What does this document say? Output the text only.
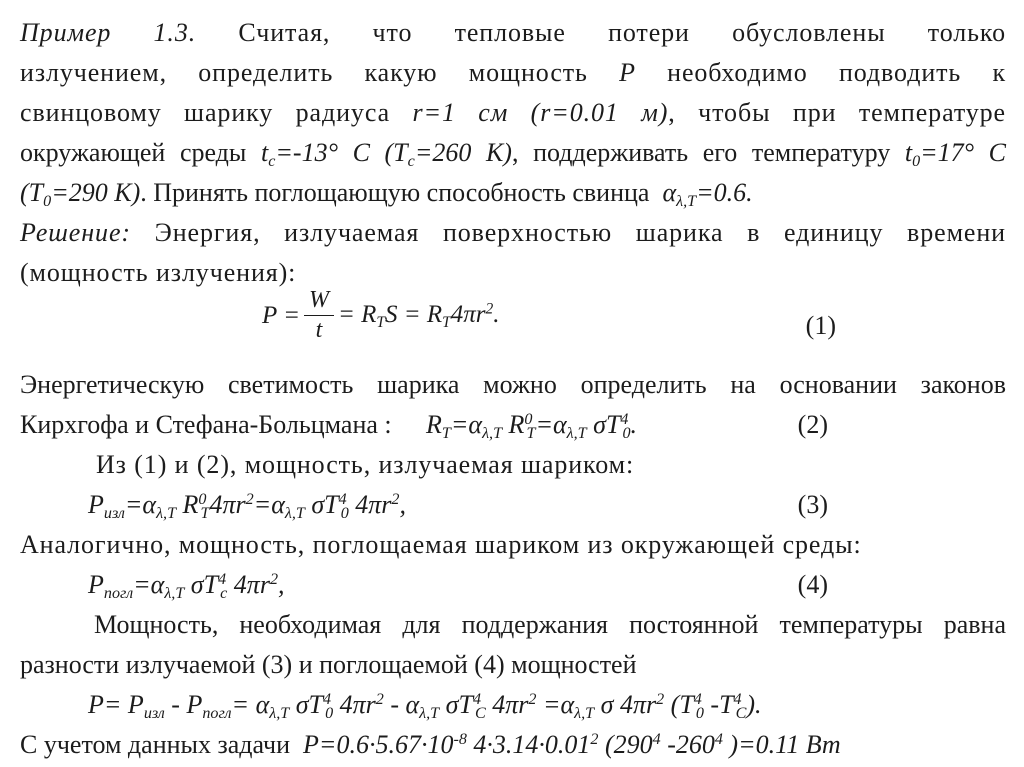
Пример 1.3. Считая, что тепловые потери обусловлены только
излучением, определить какую мощность P необходимо подводить к
свинцовому шарику радиуса r=1 см (r=0.01 м), чтобы при температуре
окружающей среды $t_c=-13^\circ$ C ($T_c=260$ K), поддерживать его температуру $t_0=17^\circ$ C
($T_0=290$ K). Принять поглощающую способность свинца $\alpha_{\lambda,T}=0.6$.
Решение: Энергия, излучаемая поверхностью шарика в единицу времени
(мощность излучения):
$P = \frac{W}{t} = R_TS = R_T4\pi r^2$.	(1)
Энергетическую светимость шарика можно определить на основании законов
Кирхгофа и Стефана-Больцмана : $R_T=\alpha_{\lambda,T}$ $R^0_T=\alpha_{\lambda,T}$ $\sigma T^4_0$.	(2)
Из (1) и (2), мощность, излучаемая шариком:
$P_{изл}=\alpha_{\lambda,T}$ $R^0_T4\pi r^2=\alpha_{\lambda,T}$ $\sigma T^4_0$ $4\pi r^2$,	(3)
Аналогично, мощность, поглощаемая шариком из окружающей среды:
$P_{погл}=\alpha_{\lambda,T}$ $\sigma T^4_c$ $4\pi r^2$,	(4)
Мощность, необходимая для поддержания постоянной температуры равна
разности излучаемой (3) и поглощаемой (4) мощностей
$P= P_{изл} - P_{погл}= \alpha_{\lambda,T}$ $\sigma T^4_0$ $4\pi r^2 - \alpha_{\lambda,T}$ $\sigma T^4_C$ $4\pi r^2 =\alpha_{\lambda,T}$ σ $4\pi r^2$ ($T^4_0$ $-T^4_C$).
С учетом данных задачи $P=0.6\cdot 5.67\cdot 10^{-8}$ $4\cdot 3.14\cdot 0.01^2$ ($290^4$ $-260^4$ )=0.11 Вт
